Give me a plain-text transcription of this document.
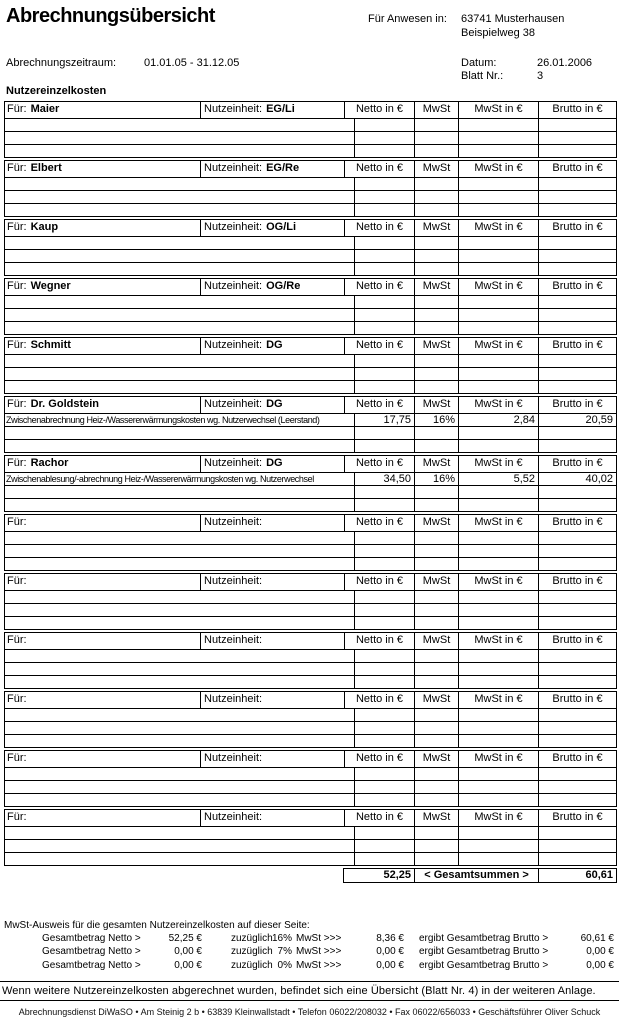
Abrechnungsübersicht	Für Anwesen in: 63741 Musterhausen
Beispielweg 38
Abrechnungszeitraum:	01.01.05 - 31.12.05	Datum:	26.01.2006
Blatt Nr.:	3
Nutzereinzelkosten
Für: Maier	Nutzeinheit: EG/Li	Netto in €	MwSt	MwSt in €	Brutto in €
Für: Elbert	Nutzeinheit: EG/Re	Netto in €	MwSt	MwSt in €	Brutto in €
Für: Kaup	Nutzeinheit: OG/Li	Netto in €	MwSt	MwSt in €	Brutto in €
Für: Wegner	Nutzeinheit: OG/Re	Netto in €	MwSt	MwSt in €	Brutto in €
Für: Schmitt	Nutzeinheit: DG	Netto in €	MwSt	MwSt in €	Brutto in €
Für: Dr. Goldstein	Nutzeinheit: DG	Netto in €	MwSt	MwSt in €	Brutto in €
Zwischenabrechnung Heiz-/Wassererwärmungskosten wg. Nutzerwechsel (Leerstand)	17,75	16%	2,84	20,59
Für: Rachor	Nutzeinheit: DG	Netto in €	MwSt	MwSt in €	Brutto in €
Zwischenablesung/-abrechnung Heiz-/Wassererwärmungskosten wg. Nutzerwechsel	34,50	16%	5,52	40,02
Für:	Nutzeinheit:	Netto in €	MwSt	MwSt in €	Brutto in €
Für:	Nutzeinheit:	Netto in €	MwSt	MwSt in €	Brutto in €
Für:	Nutzeinheit:	Netto in €	MwSt	MwSt in €	Brutto in €
Für:	Nutzeinheit:	Netto in €	MwSt	MwSt in €	Brutto in €
Für:	Nutzeinheit:	Netto in €	MwSt	MwSt in €	Brutto in €
Für:	Nutzeinheit:	Netto in €	MwSt	MwSt in €	Brutto in €
52,25	< Gesamtsummen >	60,61
MwSt-Ausweis für die gesamten Nutzereinzelkosten auf dieser Seite:
Gesamtbetrag Netto >	52,25 €	zuzüglich 16% MwSt >>>	8,36 € ergibt Gesamtbetrag Brutto >	60,61 €
Gesamtbetrag Netto >	0,00 €	zuzüglich 7% MwSt >>>	0,00 € ergibt Gesamtbetrag Brutto >	0,00 €
Gesamtbetrag Netto >	0,00 €	zuzüglich 0% MwSt >>>	0,00 € ergibt Gesamtbetrag Brutto >	0,00 €
Wenn weitere Nutzereinzelkosten abgerechnet wurden, befindet sich eine Übersicht (Blatt Nr. 4) in der weiteren Anlage.
Abrechnungsdienst DiWaSO • Am Steinig 2 b • 63839 Kleinwallstadt • Telefon 06022/208032 • Fax 06022/656033 • Geschäftsführer Oliver Schuck
